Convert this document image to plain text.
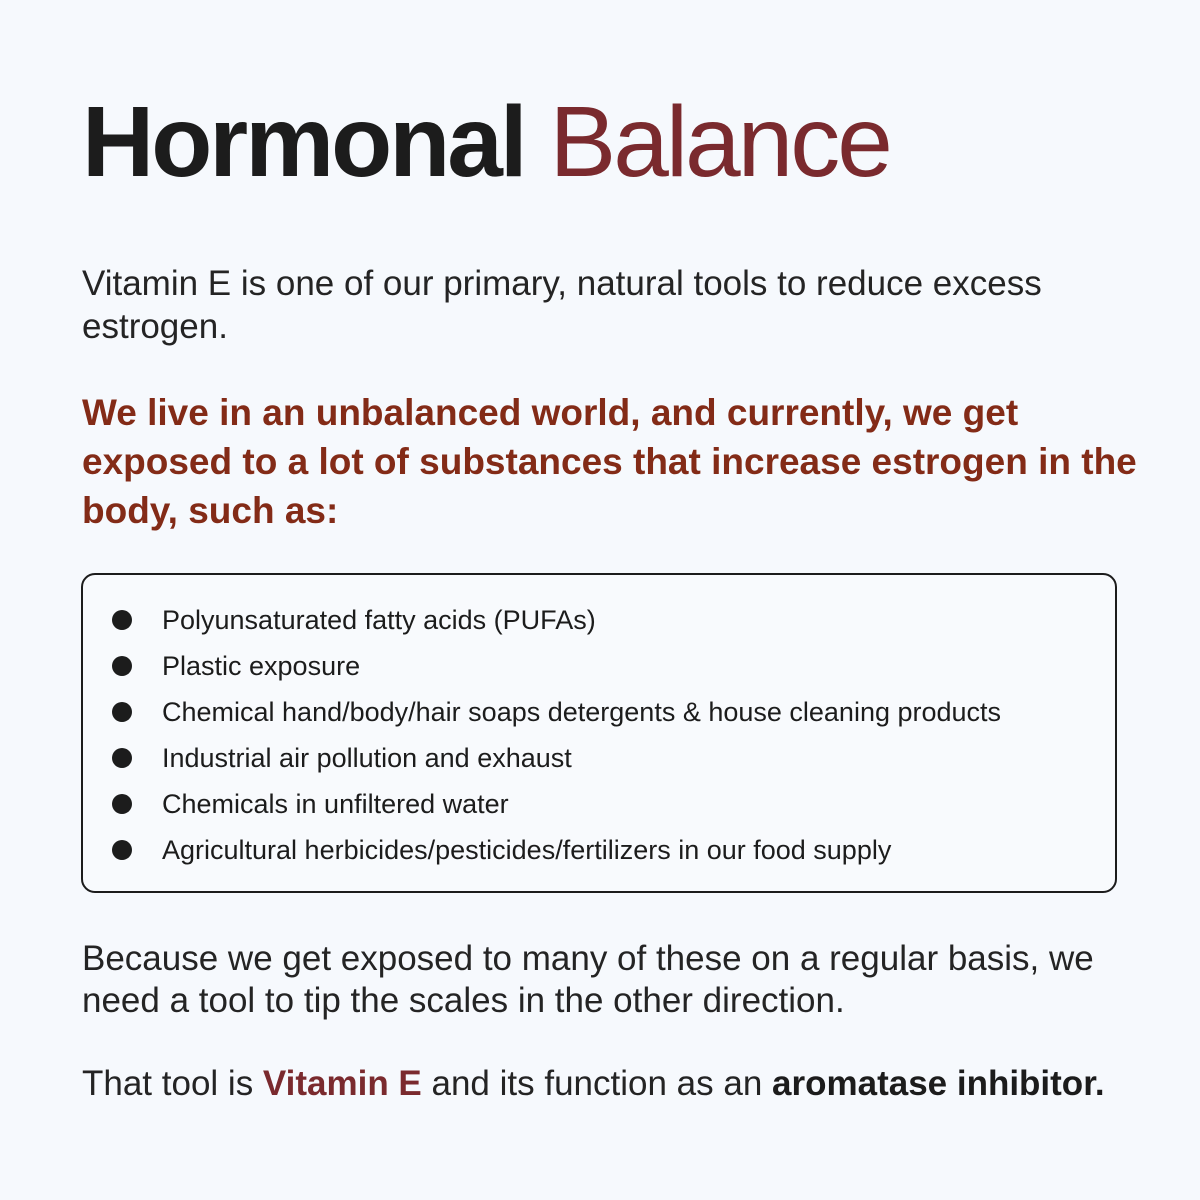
Hormonal Balance

Vitamin E is one of our primary, natural tools to reduce excess estrogen.

We live in an unbalanced world, and currently, we get exposed to a lot of substances that increase estrogen in the body, such as:

Polyunsaturated fatty acids (PUFAs)
Plastic exposure
Chemical hand/body/hair soaps detergents & house cleaning products
Industrial air pollution and exhaust
Chemicals in unfiltered water
Agricultural herbicides/pesticides/fertilizers in our food supply

Because we get exposed to many of these on a regular basis, we need a tool to tip the scales in the other direction.

That tool is Vitamin E and its function as an aromatase inhibitor.
